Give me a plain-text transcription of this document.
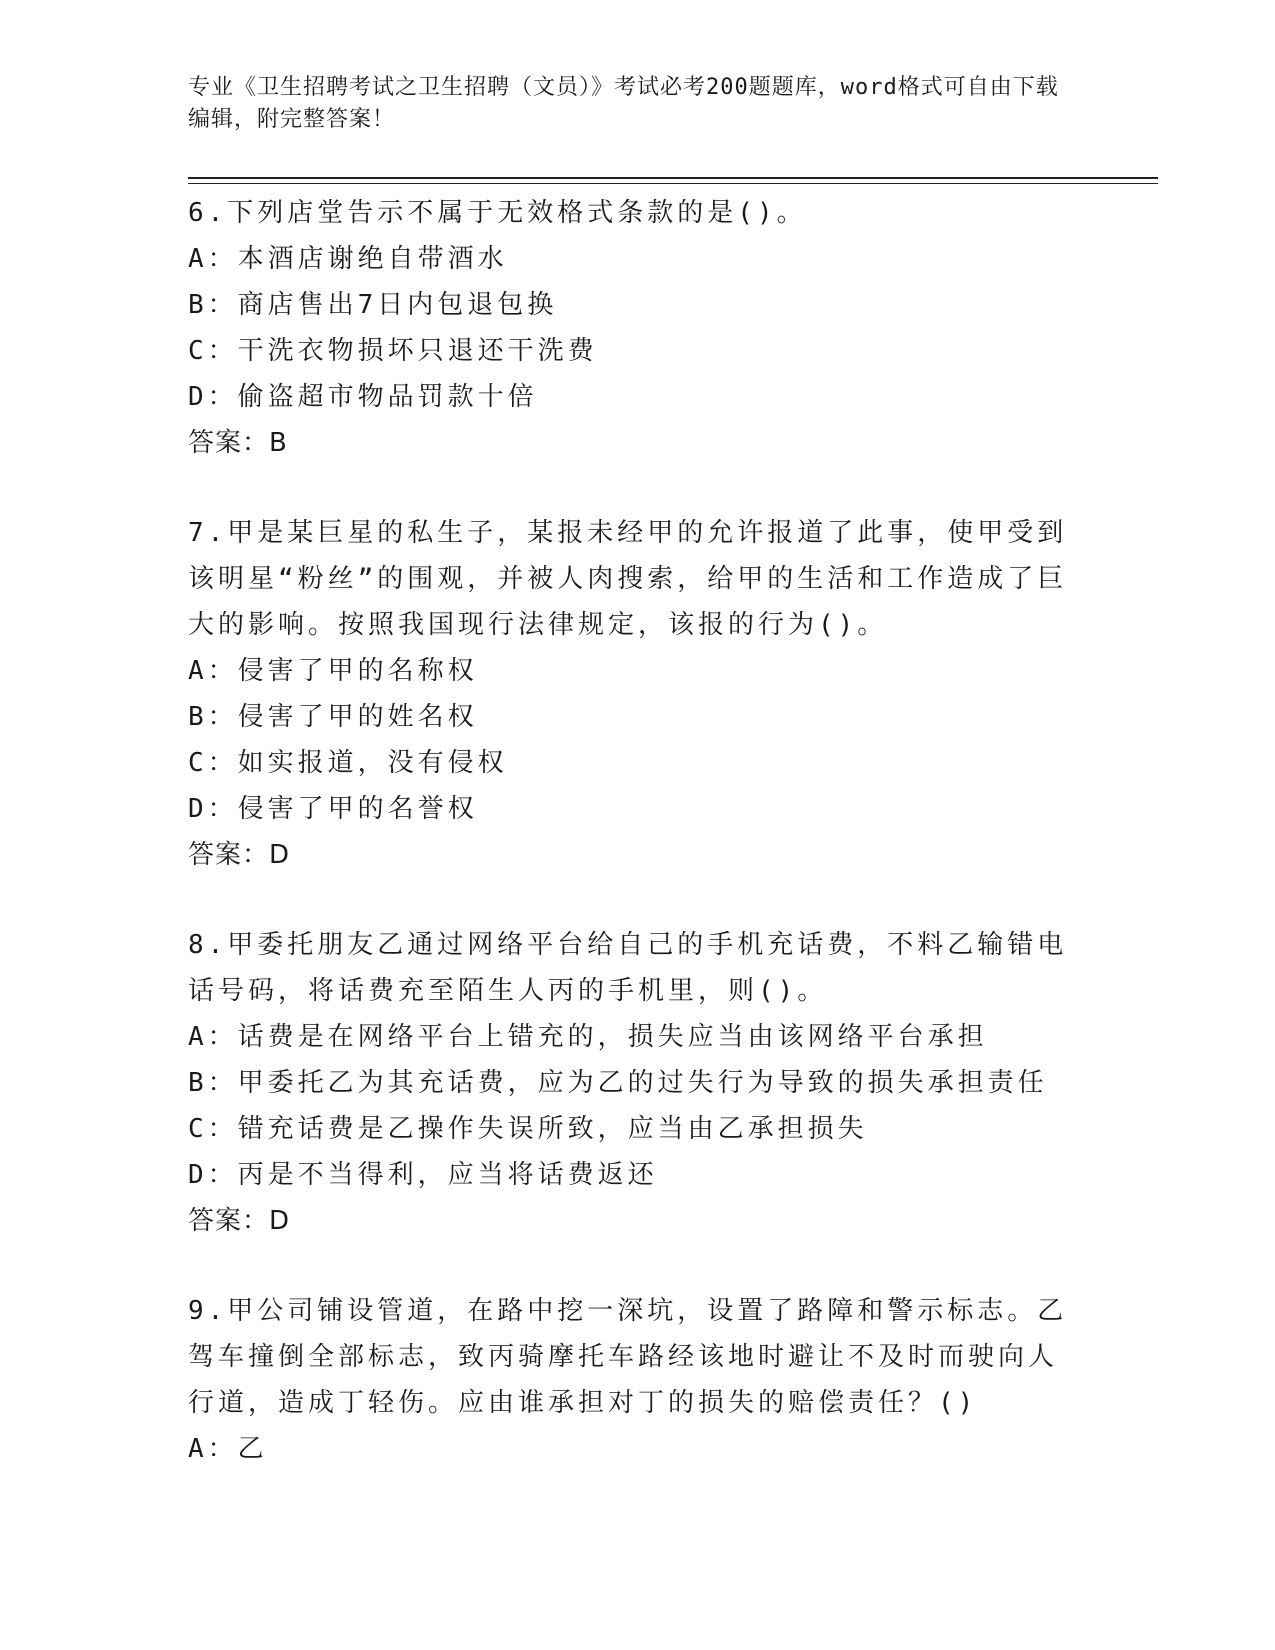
专业《卫生招聘考试之卫生招聘（文员）》考试必考200题题库，word格式可自由下载编辑，附完整答案！

6.下列店堂告示不属于无效格式条款的是()。

A：本酒店谢绝自带酒水

B：商店售出7日内包退包换

C：干洗衣物损坏只退还干洗费

D：偷盗超市物品罚款十倍

答案：B

7.甲是某巨星的私生子，某报未经甲的允许报道了此事，使甲受到该明星“粉丝”的围观，并被人肉搜索，给甲的生活和工作造成了巨大的影响。按照我国现行法律规定，该报的行为()。

A：侵害了甲的名称权

B：侵害了甲的姓名权

C：如实报道，没有侵权

D：侵害了甲的名誉权

答案：D

8.甲委托朋友乙通过网络平台给自己的手机充话费，不料乙输错电话号码，将话费充至陌生人丙的手机里，则()。

A：话费是在网络平台上错充的，损失应当由该网络平台承担

B：甲委托乙为其充话费，应为乙的过失行为导致的损失承担责任

C：错充话费是乙操作失误所致，应当由乙承担损失

D：丙是不当得利，应当将话费返还

答案：D

9.甲公司铺设管道，在路中挖一深坑，设置了路障和警示标志。乙驾车撞倒全部标志，致丙骑摩托车路经该地时避让不及时而驶向人行道，造成丁轻伤。应由谁承担对丁的损失的赔偿责任？()

A：乙
